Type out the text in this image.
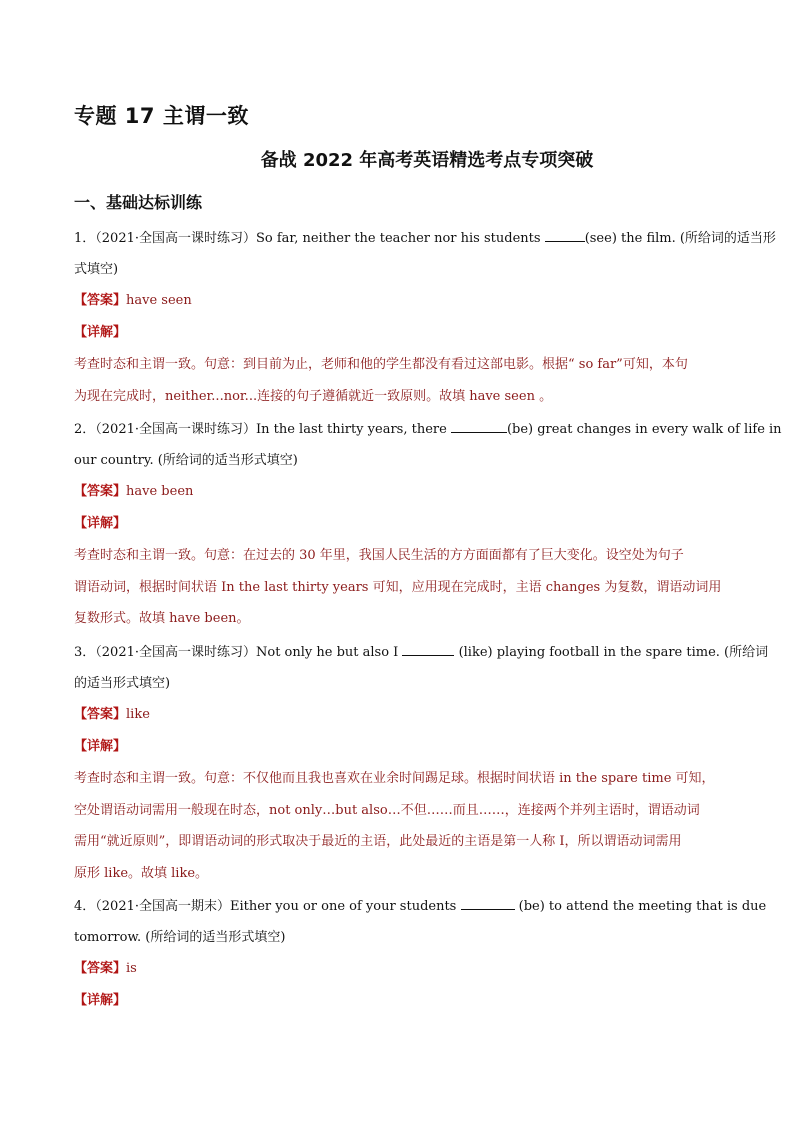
专题 17 主谓一致
备战 2022 年高考英语精选考点专项突破
一、基础达标训练
1．（2021·全国高一课时练习）So far, neither the teacher nor his students	(see) the film. (所给词的适当形
式填空)
【答案】have seen
【详解】
考查时态和主谓一致。句意：到目前为止，老师和他的学生都没有看过这部电影。根据“ so far”可知，本句
为现在完成时，neither...nor...连接的句子遵循就近一致原则。故填 have seen 。
2．（2021·全国高一课时练习）In the last thirty years, there	(be) great changes in every walk of life in
our country. (所给词的适当形式填空)
【答案】have been
【详解】
考查时态和主谓一致。句意：在过去的 30 年里，我国人民生活的方方面面都有了巨大变化。设空处为句子
谓语动词，根据时间状语 In the last thirty years 可知，应用现在完成时，主语 changes 为复数，谓语动词用
复数形式。故填 have been。
3．（2021·全国高一课时练习）Not only he but also I	(like) playing football in the spare time. (所给词
的适当形式填空)
【答案】like
【详解】
考查时态和主谓一致。句意：不仅他而且我也喜欢在业余时间踢足球。根据时间状语 in the spare time 可知，
空处谓语动词需用一般现在时态，not only…but also…不但……而且……，连接两个并列主语时，谓语动词
需用“就近原则”，即谓语动词的形式取决于最近的主语，此处最近的主语是第一人称 I，所以谓语动词需用
原形 like。故填 like。
4．（2021·全国高一期末）Either you or one of your students	(be) to attend the meeting that is due
tomorrow. (所给词的适当形式填空)
【答案】is
【详解】
